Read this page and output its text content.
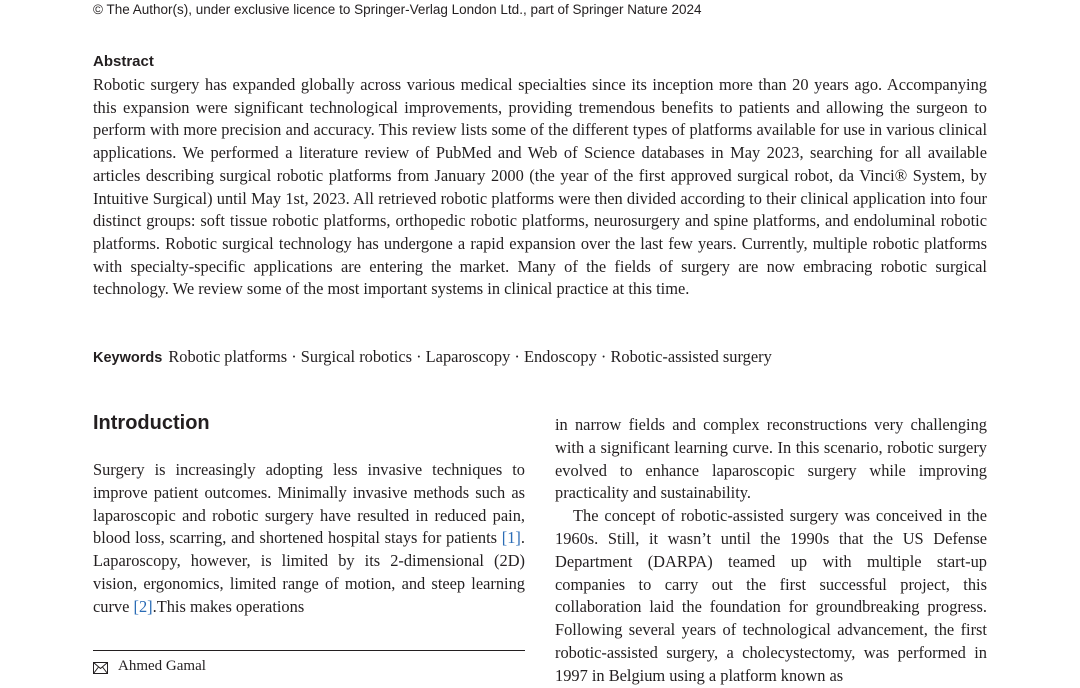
© The Author(s), under exclusive licence to Springer-Verlag London Ltd., part of Springer Nature 2024
Abstract

Robotic surgery has expanded globally across various medical specialties since its inception more than 20 years ago. Accompanying this expansion were significant technological improvements, providing tremendous benefits to patients and allowing the surgeon to perform with more precision and accuracy. This review lists some of the different types of platforms available for use in various clinical applications. We performed a literature review of PubMed and Web of Science databases in May 2023, searching for all available articles describing surgical robotic platforms from January 2000 (the year of the first approved surgical robot, da Vinci® System, by Intuitive Surgical) until May 1st, 2023. All retrieved robotic platforms were then divided according to their clinical application into four distinct groups: soft tissue robotic platforms, orthopedic robotic platforms, neurosurgery and spine platforms, and endoluminal robotic platforms. Robotic surgical technology has undergone a rapid expansion over the last few years. Currently, multiple robotic platforms with specialty-specific applications are entering the market. Many of the fields of surgery are now embracing robotic surgical technology. We review some of the most important systems in clinical practice at this time.

Keywords Robotic platforms · Surgical robotics · Laparoscopy · Endoscopy · Robotic-assisted surgery
Introduction

Surgery is increasingly adopting less invasive techniques to improve patient outcomes. Minimally invasive methods such as laparoscopic and robotic surgery have resulted in reduced pain, blood loss, scarring, and shortened hospital stays for patients [1]. Laparoscopy, however, is limited by its 2-dimensional (2D) vision, ergonomics, limited range of motion, and steep learning curve [2].This makes operations

in narrow fields and complex reconstructions very challenging with a significant learning curve. In this scenario, robotic surgery evolved to enhance laparoscopic surgery while improving practicality and sustainability.

The concept of robotic-assisted surgery was conceived in the 1960s. Still, it wasn’t until the 1990s that the US Defense Department (DARPA) teamed up with multiple start-up companies to carry out the first successful project, this collaboration laid the foundation for groundbreaking progress. Following several years of technological advancement, the first robotic-assisted surgery, a cholecystectomy, was performed in 1997 in Belgium using a platform known as

Ahmed Gamal
